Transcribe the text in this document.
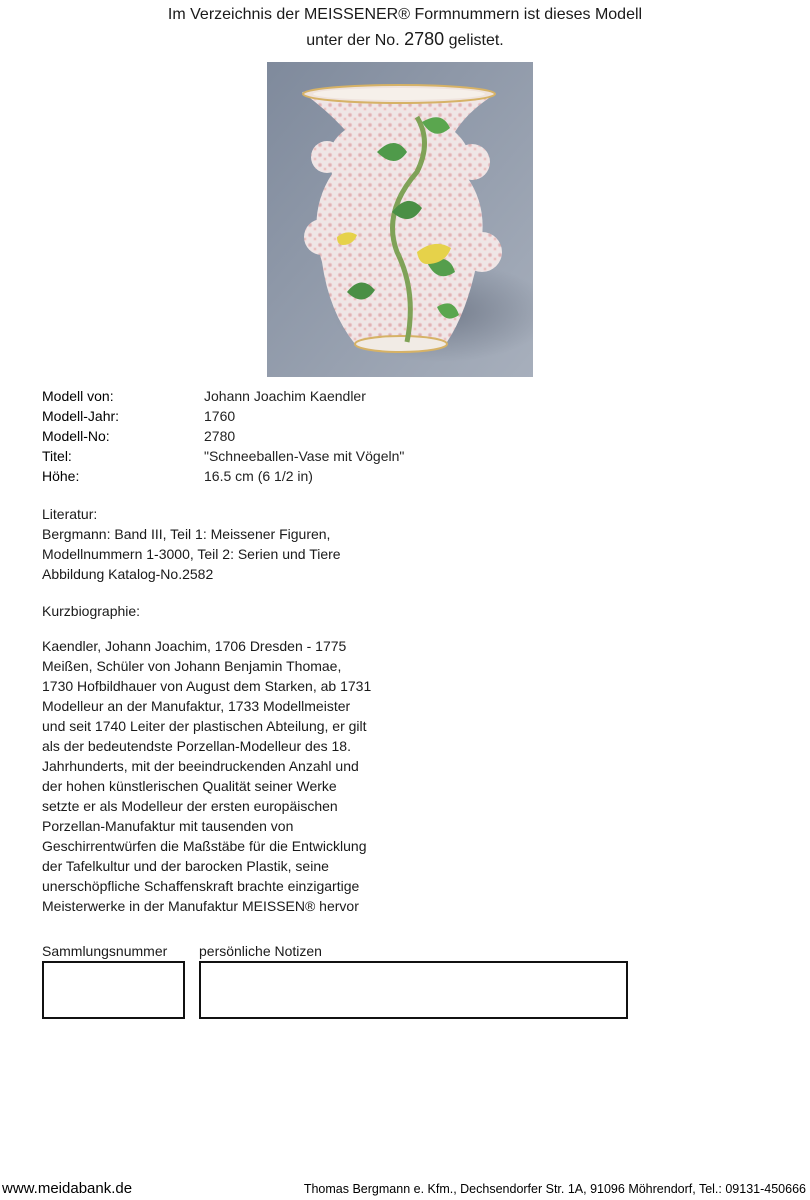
Im Verzeichnis der MEISSENER® Formnummern ist dieses Modell
unter der No. 2780 gelistet.
Modell von:	Johann Joachim Kaendler
Modell-Jahr:	1760
Modell-No:	2780
Titel:	"Schneeballen-Vase mit Vögeln"
Höhe:	16.5 cm (6 1/2 in)
Literatur:
Bergmann: Band III, Teil 1: Meissener Figuren,
Modellnummern 1-3000, Teil 2: Serien und Tiere
Abbildung Katalog-No.2582
Kurzbiographie:
Kaendler, Johann Joachim, 1706 Dresden - 1775
Meißen, Schüler von Johann Benjamin Thomae,
1730 Hofbildhauer von August dem Starken, ab 1731
Modelleur an der Manufaktur, 1733 Modellmeister
und seit 1740 Leiter der plastischen Abteilung, er gilt
als der bedeutendste Porzellan-Modelleur des 18.
Jahrhunderts, mit der beeindruckenden Anzahl und
der hohen künstlerischen Qualität seiner Werke
setzte er als Modelleur der ersten europäischen
Porzellan-Manufaktur mit tausenden von
Geschirrentwürfen die Maßstäbe für die Entwicklung
der Tafelkultur und der barocken Plastik, seine
unerschöpfliche Schaffenskraft brachte einzigartige
Meisterwerke in der Manufaktur MEISSEN® hervor
Sammlungsnummer persönliche Notizen
www.meidabank.de	Thomas Bergmann e. Kfm., Dechsendorfer Str. 1A, 91096 Möhrendorf, Tel.: 09131-450666
